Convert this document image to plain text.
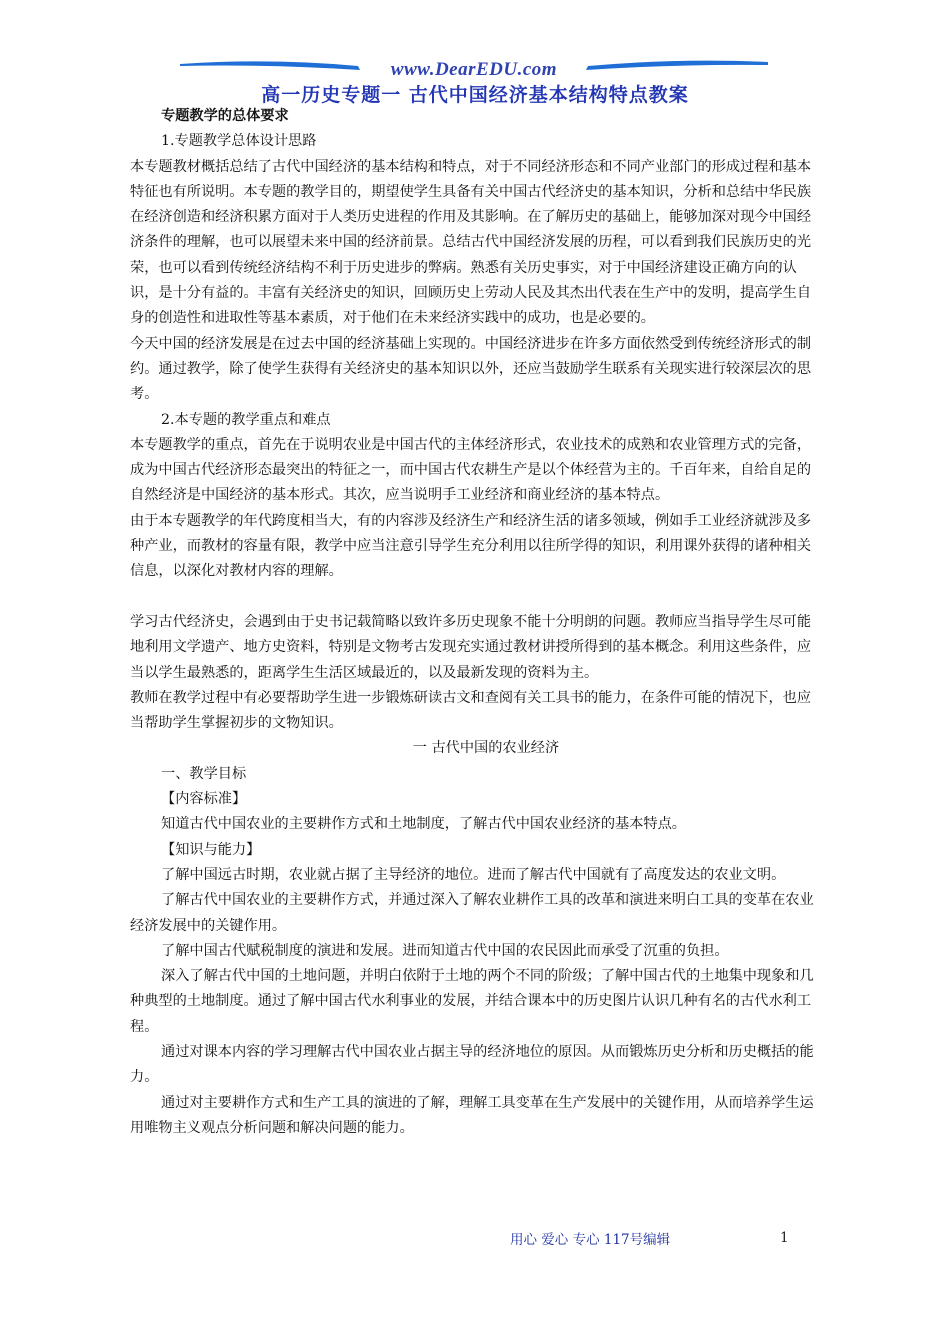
www.DearEDU.com
高一历史专题一 古代中国经济基本结构特点教案

专题教学的总体要求

1.专题教学总体设计思路

本专题教材概括总结了古代中国经济的基本结构和特点，对于不同经济形态和不同产业部门的形成过程和基本特征也有所说明。本专题的教学目的，期望使学生具备有关中国古代经济史的基本知识，分析和总结中华民族在经济创造和经济积累方面对于人类历史进程的作用及其影响。在了解历史的基础上，能够加深对现今中国经济条件的理解，也可以展望未来中国的经济前景。总结古代中国经济发展的历程，可以看到我们民族历史的光荣，也可以看到传统经济结构不利于历史进步的弊病。熟悉有关历史事实，对于中国经济建设正确方向的认识，是十分有益的。丰富有关经济史的知识，回顾历史上劳动人民及其杰出代表在生产中的发明，提高学生自身的创造性和进取性等基本素质，对于他们在未来经济实践中的成功，也是必要的。

今天中国的经济发展是在过去中国的经济基础上实现的。中国经济进步在许多方面依然受到传统经济形式的制约。通过教学，除了使学生获得有关经济史的基本知识以外，还应当鼓励学生联系有关现实进行较深层次的思考。

2.本专题的教学重点和难点

本专题教学的重点，首先在于说明农业是中国古代的主体经济形式，农业技术的成熟和农业管理方式的完备，成为中国古代经济形态最突出的特征之一，而中国古代农耕生产是以个体经营为主的。千百年来，自给自足的自然经济是中国经济的基本形式。其次，应当说明手工业经济和商业经济的基本特点。

由于本专题教学的年代跨度相当大，有的内容涉及经济生产和经济生活的诸多领域，例如手工业经济就涉及多种产业，而教材的容量有限，教学中应当注意引导学生充分利用以往所学得的知识，利用课外获得的诸种相关信息，以深化对教材内容的理解。

学习古代经济史，会遇到由于史书记载简略以致许多历史现象不能十分明朗的问题。教师应当指导学生尽可能地利用文学遗产、地方史资料，特别是文物考古发现充实通过教材讲授所得到的基本概念。利用这些条件，应当以学生最熟悉的，距离学生生活区域最近的，以及最新发现的资料为主。

教师在教学过程中有必要帮助学生进一步锻炼研读古文和查阅有关工具书的能力，在条件可能的情况下，也应当帮助学生掌握初步的文物知识。

一 古代中国的农业经济

一、教学目标

【内容标准】

知道古代中国农业的主要耕作方式和土地制度，了解古代中国农业经济的基本特点。

【知识与能力】

了解中国远古时期，农业就占据了主导经济的地位。进而了解古代中国就有了高度发达的农业文明。

了解古代中国农业的主要耕作方式，并通过深入了解农业耕作工具的改革和演进来明白工具的变革在农业经济发展中的关键作用。

了解中国古代赋税制度的演进和发展。进而知道古代中国的农民因此而承受了沉重的负担。

深入了解古代中国的土地问题，并明白依附于土地的两个不同的阶级；了解中国古代的土地集中现象和几种典型的土地制度。通过了解中国古代水利事业的发展，并结合课本中的历史图片认识几种有名的古代水利工程。

通过对课本内容的学习理解古代中国农业占据主导的经济地位的原因。从而锻炼历史分析和历史概括的能力。

通过对主要耕作方式和生产工具的演进的了解，理解工具变革在生产发展中的关键作用，从而培养学生运用唯物主义观点分析问题和解决问题的能力。

用心 爱心 专心 117号编辑	1
